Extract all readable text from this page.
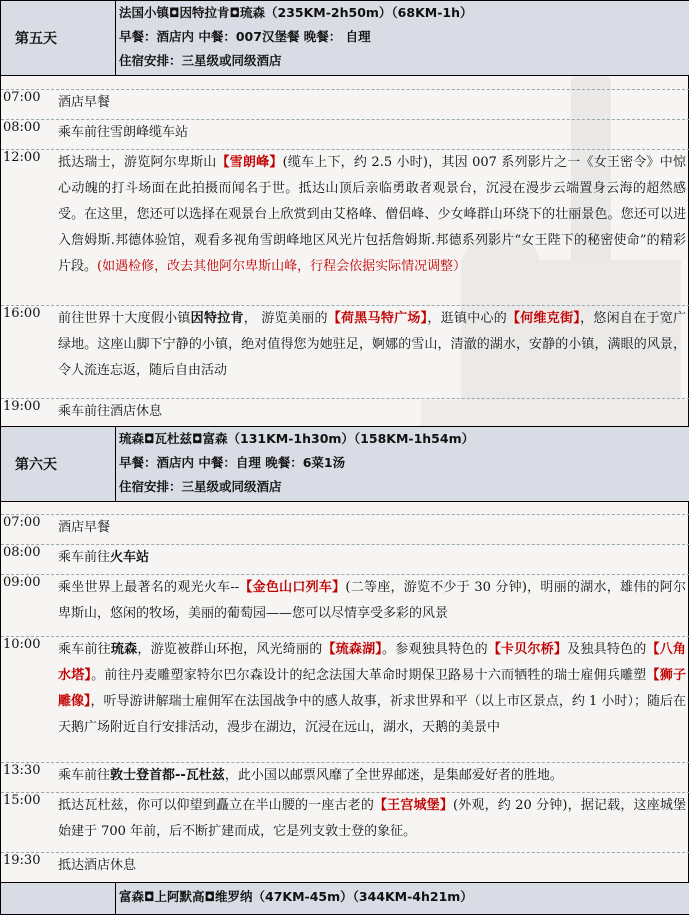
第五天
法国小镇◘因特拉肯◘琉森（235KM-2h50m）（68KM-1h）
早餐：酒店内 中餐：007汉堡餐 晚餐： 自理
住宿安排：三星级或同级酒店
07:00 酒店早餐
08:00 乘车前往雪朗峰缆车站
12:00 抵达瑞士，游览阿尔卑斯山【雪朗峰】(缆车上下，约 2.5 小时)，其因 007 系列影片之一《女王密令》中惊心动魄的打斗场面在此拍摄而闻名于世。抵达山顶后亲临勇敢者观景台，沉浸在漫步云端置身云海的超然感受。在这里，您还可以选择在观景台上欣赏到由艾格峰、僧侣峰、少女峰群山环绕下的壮丽景色。您还可以进入詹姆斯.邦德体验馆，观看多视角雪朗峰地区风光片包括詹姆斯.邦德系列影片“女王陛下的秘密使命”的精彩片段。(如遇检修，改去其他阿尔卑斯山峰，行程会依据实际情况调整）
16:00 前往世界十大度假小镇因特拉肯， 游览美丽的【荷黑马特广场】，逛镇中心的【何维克街】，悠闲自在于宽广绿地。这座山脚下宁静的小镇，绝对值得您为她驻足，婀娜的雪山，清澈的湖水，安静的小镇，满眼的风景，令人流连忘返，随后自由活动
19:00 乘车前往酒店休息
第六天
琉森◘瓦杜兹◘富森（131KM-1h30m）（158KM-1h54m）
早餐：酒店内 中餐：自理 晚餐：6菜1汤
住宿安排：三星级或同级酒店
07:00 酒店早餐
08:00 乘车前往火车站
09:00 乘坐世界上最著名的观光火车--【金色山口列车】(二等座，游览不少于 30 分钟)，明丽的湖水，雄伟的阿尔卑斯山，悠闲的牧场，美丽的葡萄园——您可以尽情享受多彩的风景
10:00 乘车前往琉森，游览被群山环抱，风光绮丽的【琉森湖】。参观独具特色的【卡贝尔桥】及独具特色的【八角水塔】。前往丹麦雕塑家特尔巴尔森设计的纪念法国大革命时期保卫路易十六而牺牲的瑞士雇佣兵雕塑【狮子雕像】，听导游讲解瑞士雇佣军在法国战争中的感人故事，祈求世界和平（以上市区景点，约 1 小时）；随后在天鹅广场附近自行安排活动，漫步在湖边，沉浸在远山，湖水，天鹅的美景中
13:30 乘车前往敦士登首都--瓦杜兹，此小国以邮票风靡了全世界邮迷，是集邮爱好者的胜地。
15:00 抵达瓦杜兹，你可以仰望到矗立在半山腰的一座古老的【王宫城堡】(外观，约 20 分钟)，据记载，这座城堡始建于 700 年前，后不断扩建而成，它是列支敦士登的象征。
19:30 抵达酒店休息
富森◘上阿默高◘维罗纳（47KM-45m）（344KM-4h21m）
